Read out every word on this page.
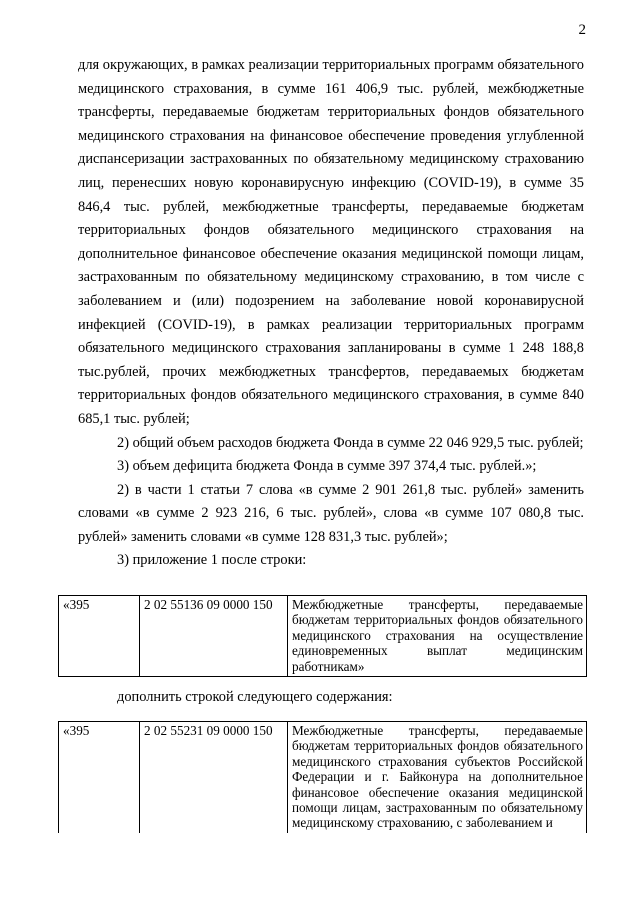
2

для окружающих, в рамках реализации территориальных программ обязательного медицинского страхования, в сумме 161 406,9 тыс. рублей, межбюджетные трансферты, передаваемые бюджетам территориальных фондов обязательного медицинского страхования на финансовое обеспечение проведения углубленной диспансеризации застрахованных по обязательному медицинскому страхованию лиц, перенесших новую коронавирусную инфекцию (COVID-19), в сумме 35 846,4 тыс. рублей, межбюджетные трансферты, передаваемые бюджетам территориальных фондов обязательного медицинского страхования на дополнительное финансовое обеспечение оказания медицинской помощи лицам, застрахованным по обязательному медицинскому страхованию, в том числе с заболеванием и (или) подозрением на заболевание новой коронавирусной инфекцией (COVID-19), в рамках реализации территориальных программ обязательного медицинского страхования запланированы в сумме 1 248 188,8 тыс.рублей, прочих межбюджетных трансфертов, передаваемых бюджетам территориальных фондов обязательного медицинского страхования, в сумме 840 685,1 тыс. рублей;

2) общий объем расходов бюджета Фонда в сумме 22 046 929,5 тыс. рублей;

3) объем дефицита бюджета Фонда в сумме 397 374,4 тыс. рублей.»;

2) в части 1 статьи 7 слова «в сумме 2 901 261,8 тыс. рублей» заменить словами «в сумме 2 923 216, 6 тыс. рублей», слова «в сумме 107 080,8 тыс. рублей» заменить словами «в сумме 128 831,3 тыс. рублей»;

3) приложение 1 после строки:

«395	2 02 55136 09 0000 150	Межбюджетные трансферты, передаваемые бюджетам территориальных фондов обязательного медицинского страхования на осуществление единовременных выплат медицинским работникам»
дополнить строкой следующего содержания:
«395	2 02 55231 09 0000 150	Межбюджетные трансферты, передаваемые бюджетам территориальных фондов обязательного медицинского страхования субъектов Российской Федерации и г. Байконура на дополнительное финансовое обеспечение оказания медицинской помощи лицам, застрахованным по обязательному медицинскому страхованию, с заболеванием и
